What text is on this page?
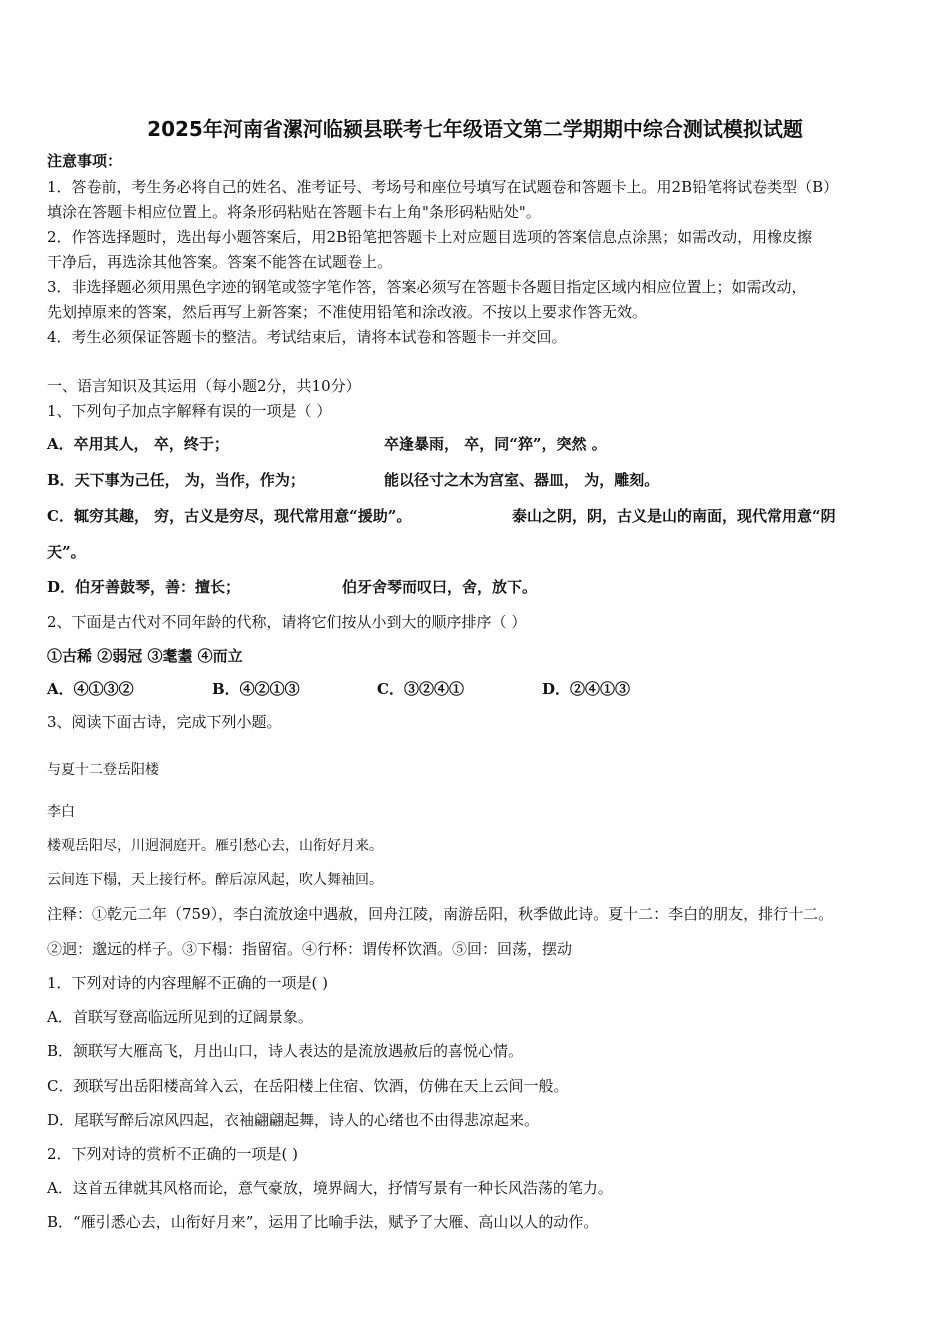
2025年河南省漯河临颍县联考七年级语文第二学期期中综合测试模拟试题
注意事项：
1．答卷前，考生务必将自己的姓名、准考证号、考场号和座位号填写在试题卷和答题卡上。用2B铅笔将试卷类型（B）
填涂在答题卡相应位置上。将条形码粘贴在答题卡右上角"条形码粘贴处"。
2．作答选择题时，选出每小题答案后，用2B铅笔把答题卡上对应题目选项的答案信息点涂黑；如需改动，用橡皮擦
干净后，再选涂其他答案。答案不能答在试题卷上。
3．非选择题必须用黑色字迹的钢笔或签字笔作答，答案必须写在答题卡各题目指定区域内相应位置上；如需改动，
先划掉原来的答案，然后再写上新答案；不准使用铅笔和涂改液。不按以上要求作答无效。
4．考生必须保证答题卡的整洁。考试结束后，请将本试卷和答题卡一并交回。
一、语言知识及其运用（每小题2分，共10分）
1、下列句子加点字解释有误的一项是（ ）
A．卒用其人， 卒，终于；	卒逢暴雨， 卒，同“猝”，突然 。
B．天下事为己任， 为，当作，作为；	能以径寸之木为宫室、器皿， 为，雕刻。
C．辄穷其趣， 穷，古义是穷尽，现代常用意“援助”。	泰山之阴，阴，古义是山的南面，现代常用意“阴
天”。
D．伯牙善鼓琴，善：擅长；	伯牙舍琴而叹曰，舍，放下。
2、下面是古代对不同年龄的代称，请将它们按从小到大的顺序排序（ ）
①古稀 ②弱冠 ③耄耋 ④而立
A．④①③②	B．④②①③	C．③②④①	D．②④①③
3、阅读下面古诗，完成下列小题。
与夏十二登岳阳楼
李白
楼观岳阳尽，川迥洞庭开。雁引愁心去，山衔好月来。
云间连下榻，天上接行杯。醉后凉风起，吹人舞袖回。
注释：①乾元二年（759），李白流放途中遇赦，回舟江陵，南游岳阳，秋季做此诗。夏十二：李白的朋友，排行十二。
②迥：邈远的样子。③下榻：指留宿。④行杯：谓传杯饮酒。⑤回：回荡，摆动
1．下列对诗的内容理解不正确的一项是( )
A．首联写登高临远所见到的辽阔景象。
B．颔联写大雁高飞，月出山口，诗人表达的是流放遇赦后的喜悦心情。
C．颈联写出岳阳楼高耸入云，在岳阳楼上住宿、饮酒，仿佛在天上云间一般。
D．尾联写醉后凉风四起，衣袖翩翩起舞，诗人的心绪也不由得悲凉起来。
2．下列对诗的赏析不正确的一项是( )
A．这首五律就其风格而论，意气豪放，境界阔大，抒情写景有一种长风浩荡的笔力。
B．“雁引悉心去，山衔好月来”，运用了比喻手法，赋予了大雁、高山以人的动作。
